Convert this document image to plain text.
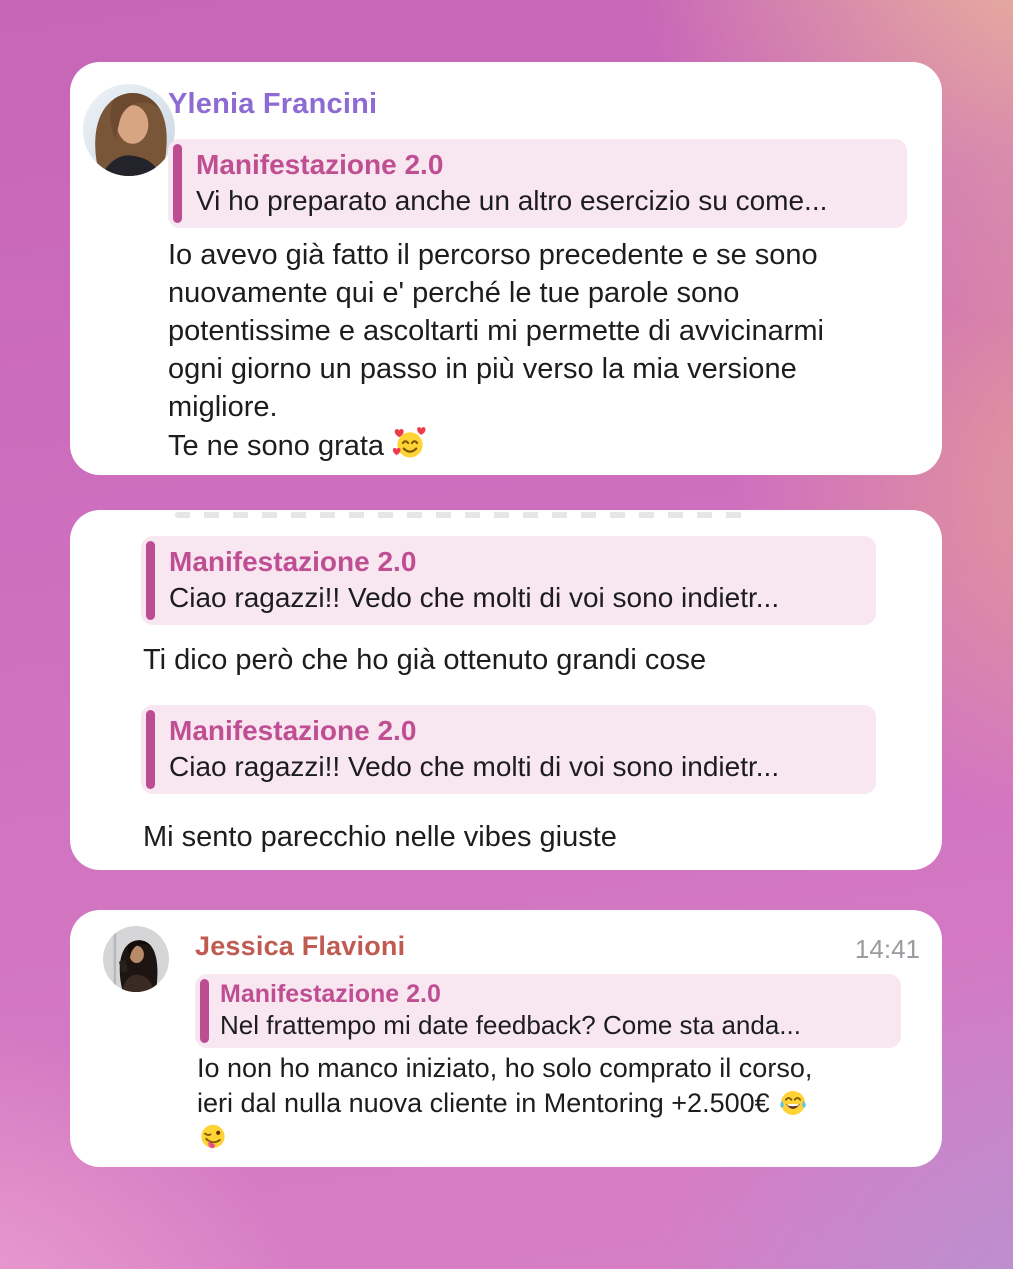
Ylenia Francini
Manifestazione 2.0
Vi ho preparato anche un altro esercizio su come...
Io avevo già fatto il percorso precedente e se sono
nuovamente qui e' perché le tue parole sono
potentissime e ascoltarti mi permette di avvicinarmi
ogni giorno un passo in più verso la mia versione
migliore.
Te ne sono grata
Manifestazione 2.0
Ciao ragazzi!! Vedo che molti di voi sono indietr...
Ti dico però che ho già ottenuto grandi cose
Manifestazione 2.0
Ciao ragazzi!! Vedo che molti di voi sono indietr...
Mi sento parecchio nelle vibes giuste
Jessica Flavioni	14:41
Manifestazione 2.0
Nel frattempo mi date feedback? Come sta anda...
Io non ho manco iniziato, ho solo comprato il corso,
ieri dal nulla nuova cliente in Mentoring +2.500€
